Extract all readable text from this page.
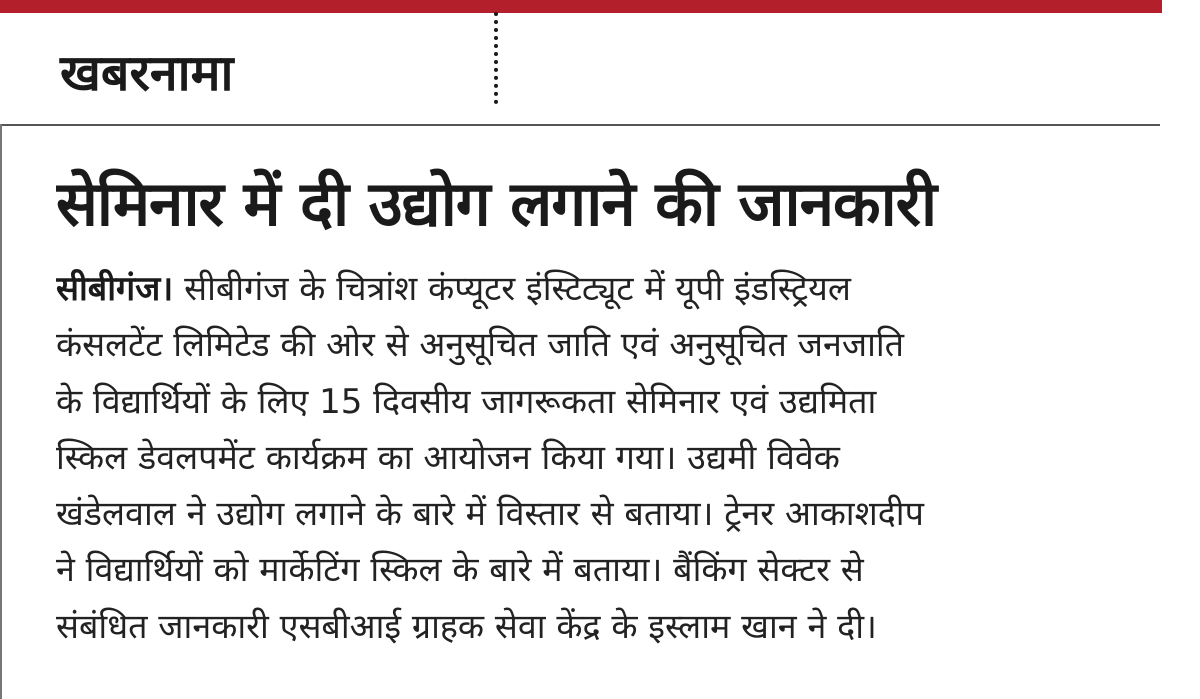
खबरनामा
सेमिनार में दी उद्योग लगाने की जानकारी
सीबीगंज। सीबीगंज के चित्रांश कंप्यूटर इंस्टिट्यूट में यूपी इंडस्ट्रियल
कंसलटेंट लिमिटेड की ओर से अनुसूचित जाति एवं अनुसूचित जनजाति
के विद्यार्थियों के लिए 15 दिवसीय जागरूकता सेमिनार एवं उद्यमिता
स्किल डेवलपमेंट कार्यक्रम का आयोजन किया गया। उद्यमी विवेक
खंडेलवाल ने उद्योग लगाने के बारे में विस्तार से बताया। ट्रेनर आकाशदीप
ने विद्यार्थियों को मार्केटिंग स्किल के बारे में बताया। बैंकिंग सेक्टर से
संबंधित जानकारी एसबीआई ग्राहक सेवा केंद्र के इस्लाम खान ने दी।
